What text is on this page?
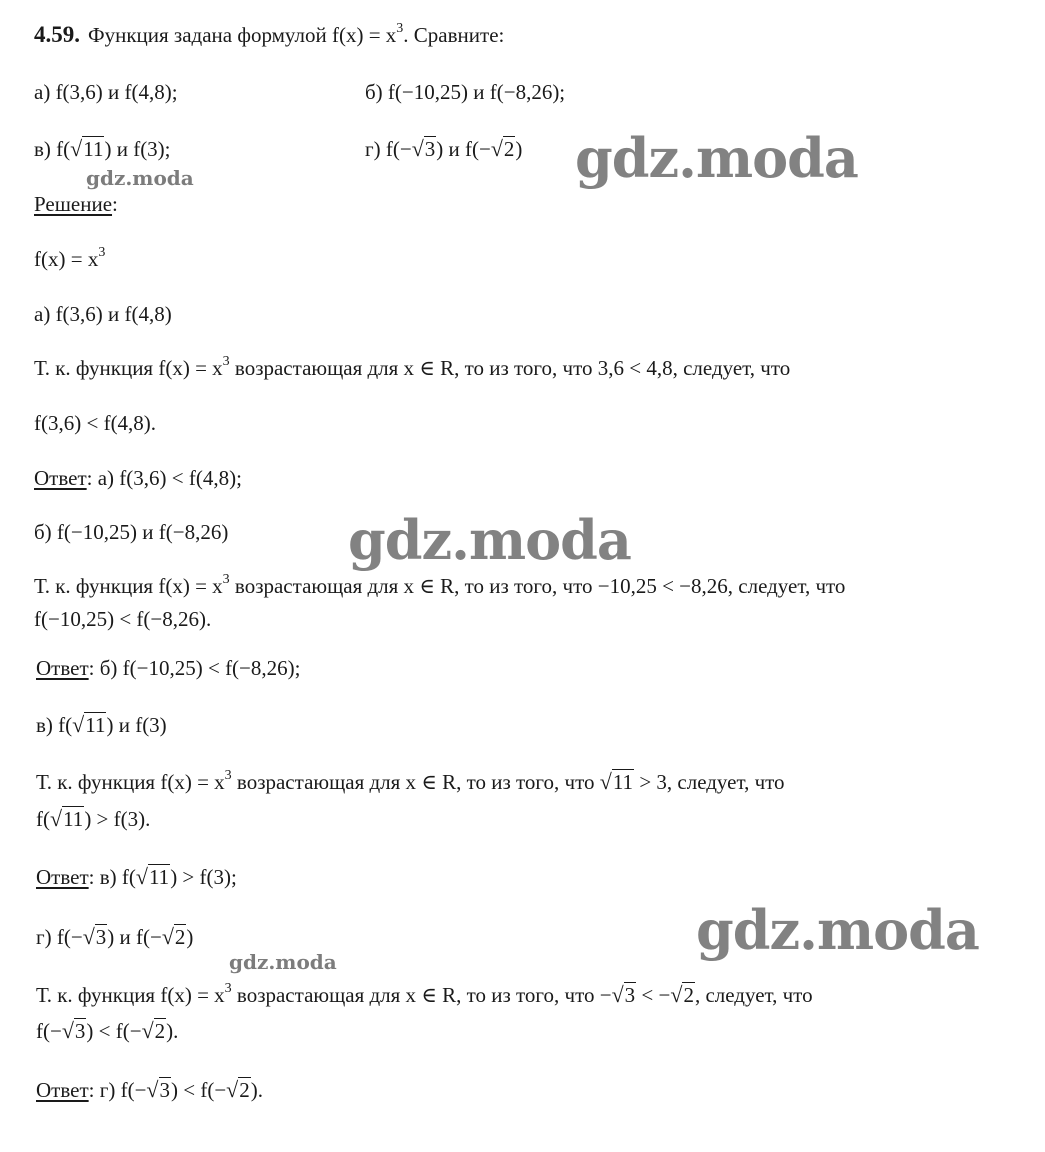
4.59. Функция задана формулой $f(x) = x^3$. Сравните:
а) f(3,6) и f(4,8);	б) f(−10,25) и f(−8,26);
в) f(√11) и f(3);	г) f(−√3) и f(−√2)
Решение:
$f(x) = x^3$
а) f(3,6) и f(4,8)
Т. к. функция $f(x) = x^3$ возрастающая для x ∈ R, то из того, что 3,6 < 4,8, следует, что
f(3,6) < f(4,8).
Ответ: а) f(3,6) < f(4,8);
б) f(−10,25) и f(−8,26)
Т. к. функция $f(x) = x^3$ возрастающая для x ∈ R, то из того, что −10,25 < −8,26, следует, что
f(−10,25) < f(−8,26).
Ответ: б) f(−10,25) < f(−8,26);
в) f(√11) и f(3)
Т. к. функция $f(x) = x^3$ возрастающая для x ∈ R, то из того, что √11 > 3, следует, что
f(√11) > f(3).
Ответ: в) f(√11) > f(3);
г) f(−√3) и f(−√2)
Т. к. функция $f(x) = x^3$ возрастающая для x ∈ R, то из того, что −√3 < −√2, следует, что
f(−√3) < f(−√2).
Ответ: г) f(−√3) < f(−√2).
gdz.moda
gdz.moda
gdz.moda
gdz.moda
gdz.moda
